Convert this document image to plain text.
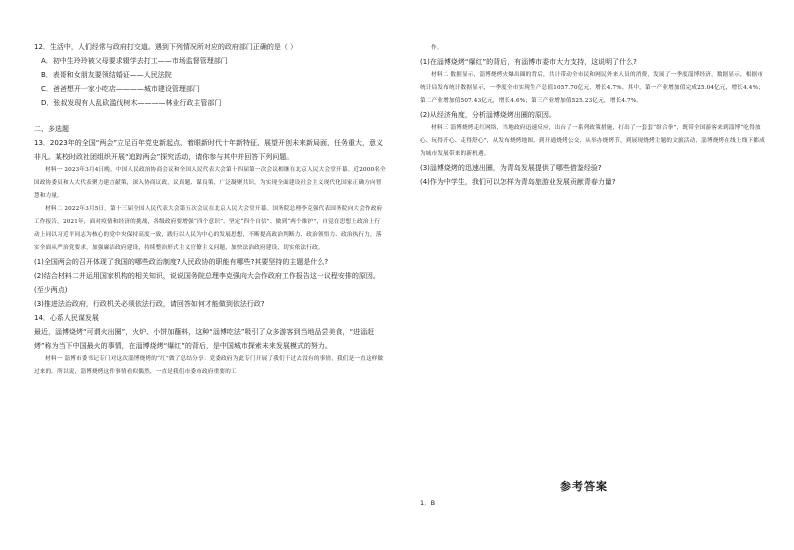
12．生活中，人们经常与政府打交道。遇到下列情况所对应的政府部门正确的是（ ）

A．初中生玲玲被父母要求辍学去打工——市场监督管理部门

B．表哥和女朋友要领结婚证——人民法院

C．爸爸想开一家小吃店————城市建设管理部门

D．张叔发现有人乱砍滥伐树木————林业行政主管部门

二、多选题

13．2023年的全国“两会”立足百年党史新起点、着眼新时代十年新特征、展望开创未来新局面，任务重大，意义非凡。某校时政社团组织开展“追踪两会”探究活动，请你参与其中并回答下列问题。

材料一 2023年3月4日晚，中国人民政治协商会议和全国人民代表大会第十四届第一次会议相继在北京人民大会堂开幕。近2000名全国政协委员和人大代表聚力建言献策，深入协商议政，议真题、谋良策，广泛凝聚共识，为实现全面建设社会主义现代化国家正确方向智慧和力量。

材料二 2022年3月5日，第十三届全国人民代表大会第五次会议在北京人民大会堂开幕。国务院总理李克强代表国务院向大会作政府工作报告。2021年，面对疫情和经济的挑战，各级政府要增强“四个意识”、坚定“四个自信”、做到“两个维护”，自觉在思想上政治上行动上同以习近平同志为核心的党中央保持高度一致，践行以人民为中心的发展思想，不断提高政治判断力、政治领悟力、政治执行力，落实全面从严治党要求，加强廉洁政府建设，持续整治形式主义官僚主义问题，加快法治政府建设，切实依法行政。

(1)全国两会的召开体现了我国的哪些政治制度?人民政协的职能有哪些?其要坚持的主题是什么?

(2)结合材料二并运用国家机构的相关知识，说说国务院总理李克强向大会作政府工作报告这一议程安排的原因。(至少两点)

(3)推进法治政府，行政机关必须依法行政，请回答如何才能做到依法行政?

14．心系人民谋发展

最近，淄博烧烤“可谓火出圈”，火炉、小饼加蘸料，这种“淄博吃法”吸引了众多游客到当地品尝美食，“进淄赶烤”称为当下中国最火的事情，在淄博烧烤“爆红”的背后，是中国城市探索未来发展模式的努力。

材料一 淄博市委书记专门对这次淄博烧烤的“红”做了总结分享：党委政府为此专门开展了我们干过去没有的事情，我们是一直这样做过来的。所以说，淄博烧烤这件事情看似偶然，一直是我们市委市政府重要的工

作。

(1)在淄博烧烤“爆红”的背后，有淄博市委市大力支持，这说明了什么?

材料二 数据显示，淄博烧烤火爆出圈的背后，共计带动全市民和网民外来人员的消费，发展了一季度淄博经济，数据显示，根据市统计局发布统计数据显示，一季度全市实现生产总值1057.70亿元，增长4.7%。其中，第一产业增加值完成25.04亿元，增长4.4%；第二产业增加值507.43亿元，增长4.6%；第三产业增加值525.23亿元，增长4.7%。

(2)从经济角度，分析淄博烧烤出圈的原因。

材料三 淄博烧烤走红网络，当地政府迅速反应，出台了一系列政策措施，打出了一套套“组合拳”，既带全国游客来到淄博“吃得放心、玩得开心、走得舒心”，从发布烧烤地图，到开通烧烤公交，从举办烧烤节，到展现烧烤主题的文旅活动，淄博烧烤在线上线下都成为城市发展带来的新机遇。

(3)淄博烧烤的迅速出圈，为青岛发展提供了哪些借鉴经验?

(4)作为中学生，我们可以怎样为青岛旅游业发展贡献青春力量?

参考答案
1．B
